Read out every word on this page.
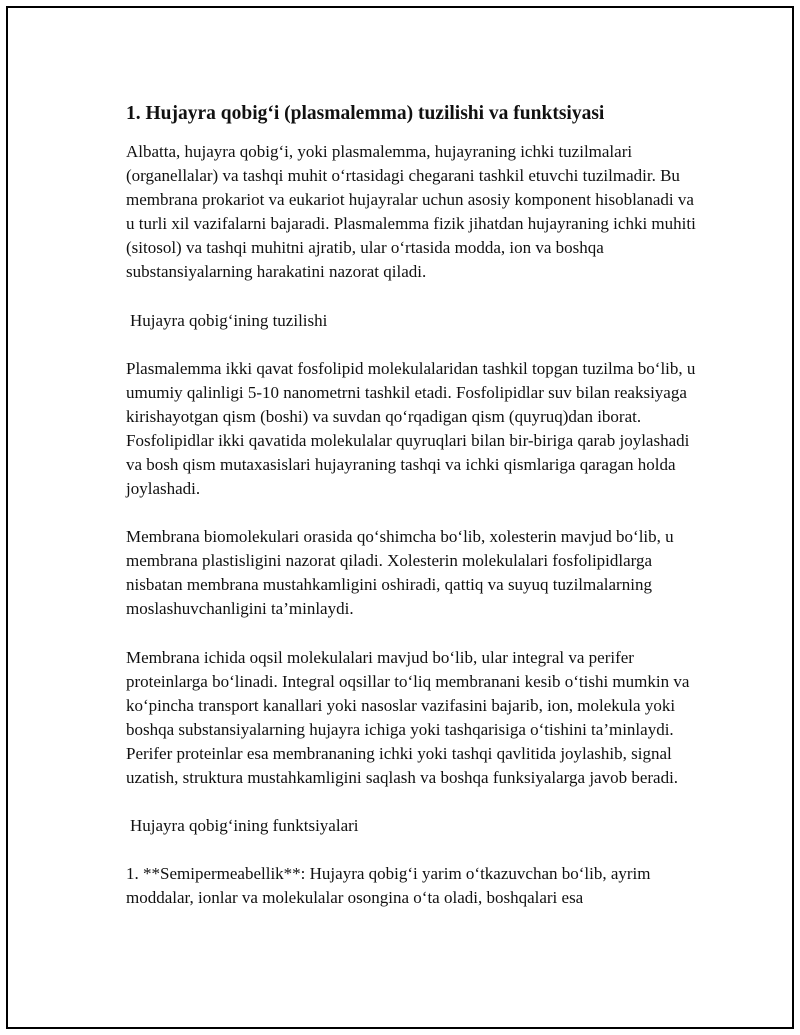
1. Hujayra qobig‘i (plasmalemma) tuzilishi va funktsiyasi

Albatta, hujayra qobig‘i, yoki plasmalemma, hujayraning ichki tuzilmalari (organellalar) va tashqi muhit o‘rtasidagi chegarani tashkil etuvchi tuzilmadir. Bu membrana prokariot va eukariot hujayralar uchun asosiy komponent hisoblanadi va u turli xil vazifalarni bajaradi. Plasmalemma fizik jihatdan hujayraning ichki muhiti (sitosol) va tashqi muhitni ajratib, ular o‘rtasida modda, ion va boshqa substansiyalarning harakatini nazorat qiladi.

Hujayra qobig‘ining tuzilishi

Plasmalemma ikki qavat fosfolipid molekulalaridan tashkil topgan tuzilma bo‘lib, u umumiy qalinligi 5-10 nanometrni tashkil etadi. Fosfolipidlar suv bilan reaksiyaga kirishayotgan qism (boshi) va suvdan qo‘rqadigan qism (quyruq)dan iborat. Fosfolipidlar ikki qavatida molekulalar quyruqlari bilan bir-biriga qarab joylashadi va bosh qism mutaxasislari hujayraning tashqi va ichki qismlariga qaragan holda joylashadi.

Membrana biomolekulari orasida qo‘shimcha bo‘lib, xolesterin mavjud bo‘lib, u membrana plastisligini nazorat qiladi. Xolesterin molekulalari fosfolipidlarga nisbatan membrana mustahkamligini oshiradi, qattiq va suyuq tuzilmalarning moslashuvchanligini ta’minlaydi.

Membrana ichida oqsil molekulalari mavjud bo‘lib, ular integral va perifer proteinlarga bo‘linadi. Integral oqsillar to‘liq membranani kesib o‘tishi mumkin va ko‘pincha transport kanallari yoki nasoslar vazifasini bajarib, ion, molekula yoki boshqa substansiyalarning hujayra ichiga yoki tashqarisiga o‘tishini ta’minlaydi. Perifer proteinlar esa membrananing ichki yoki tashqi qavlitida joylashib, signal uzatish, struktura mustahkamligini saqlash va boshqa funksiyalarga javob beradi.

Hujayra qobig‘ining funktsiyalari

1. **Semipermeabellik**: Hujayra qobig‘i yarim o‘tkazuvchan bo‘lib, ayrim moddalar, ionlar va molekulalar osongina o‘ta oladi, boshqalari esa
